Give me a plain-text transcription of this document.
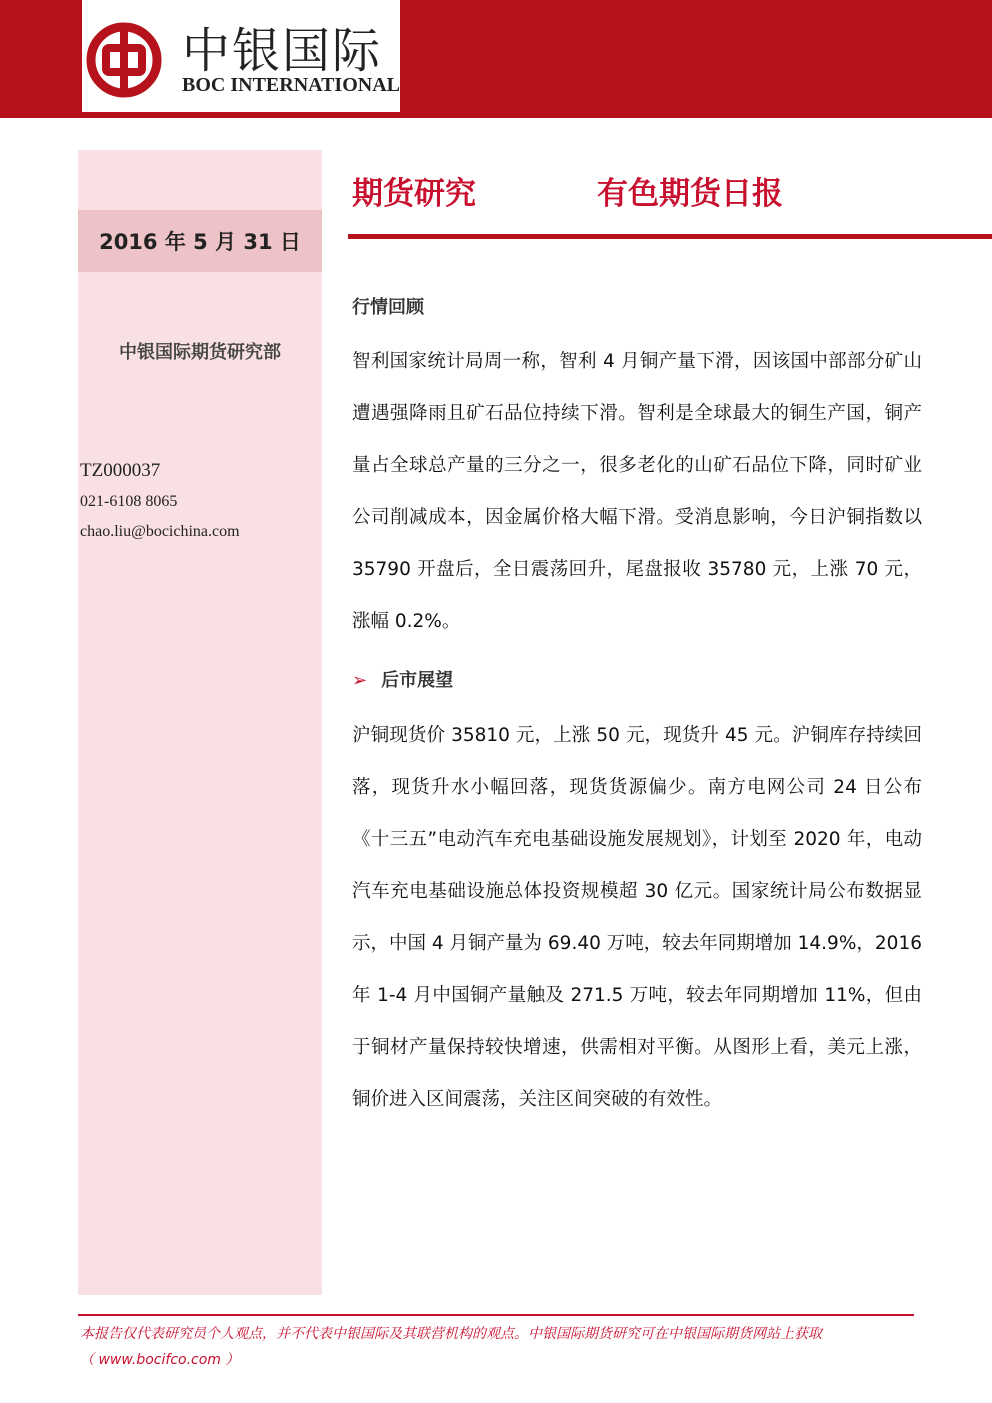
中银国际
BOC INTERNATIONAL
2016 年 5 月 31 日
中银国际期货研究部
TZ000037
021-6108 8065
chao.liu@bocichina.com
期货研究	有色期货日报
行情回顾
智利国家统计局周一称，智利 4 月铜产量下滑，因该国中部部分矿山遭遇强降雨且矿石品位持续下滑。智利是全球最大的铜生产国，铜产量占全球总产量的三分之一，很多老化的山矿石品位下降，同时矿业公司削减成本，因金属价格大幅下滑。受消息影响，今日沪铜指数以 35790 开盘后，全日震荡回升，尾盘报收 35780 元，上涨 70 元，涨幅 0.2%。
➢ 后市展望
沪铜现货价 35810 元，上涨 50 元，现货升 45 元。沪铜库存持续回落，现货升水小幅回落，现货货源偏少。南方电网公司 24 日公布《十三五”电动汽车充电基础设施发展规划》，计划至 2020 年，电动汽车充电基础设施总体投资规模超 30 亿元。国家统计局公布数据显示，中国 4 月铜产量为 69.40 万吨，较去年同期增加 14.9%，2016 年 1-4 月中国铜产量触及 271.5 万吨，较去年同期增加 11%，但由于铜材产量保持较快增速，供需相对平衡。从图形上看，美元上涨，铜价进入区间震荡，关注区间突破的有效性。
本报告仅代表研究员个人观点，并不代表中银国际及其联营机构的观点。中银国际期货研究可在中银国际期货网站上获取
（ www.bocifco.com ）
